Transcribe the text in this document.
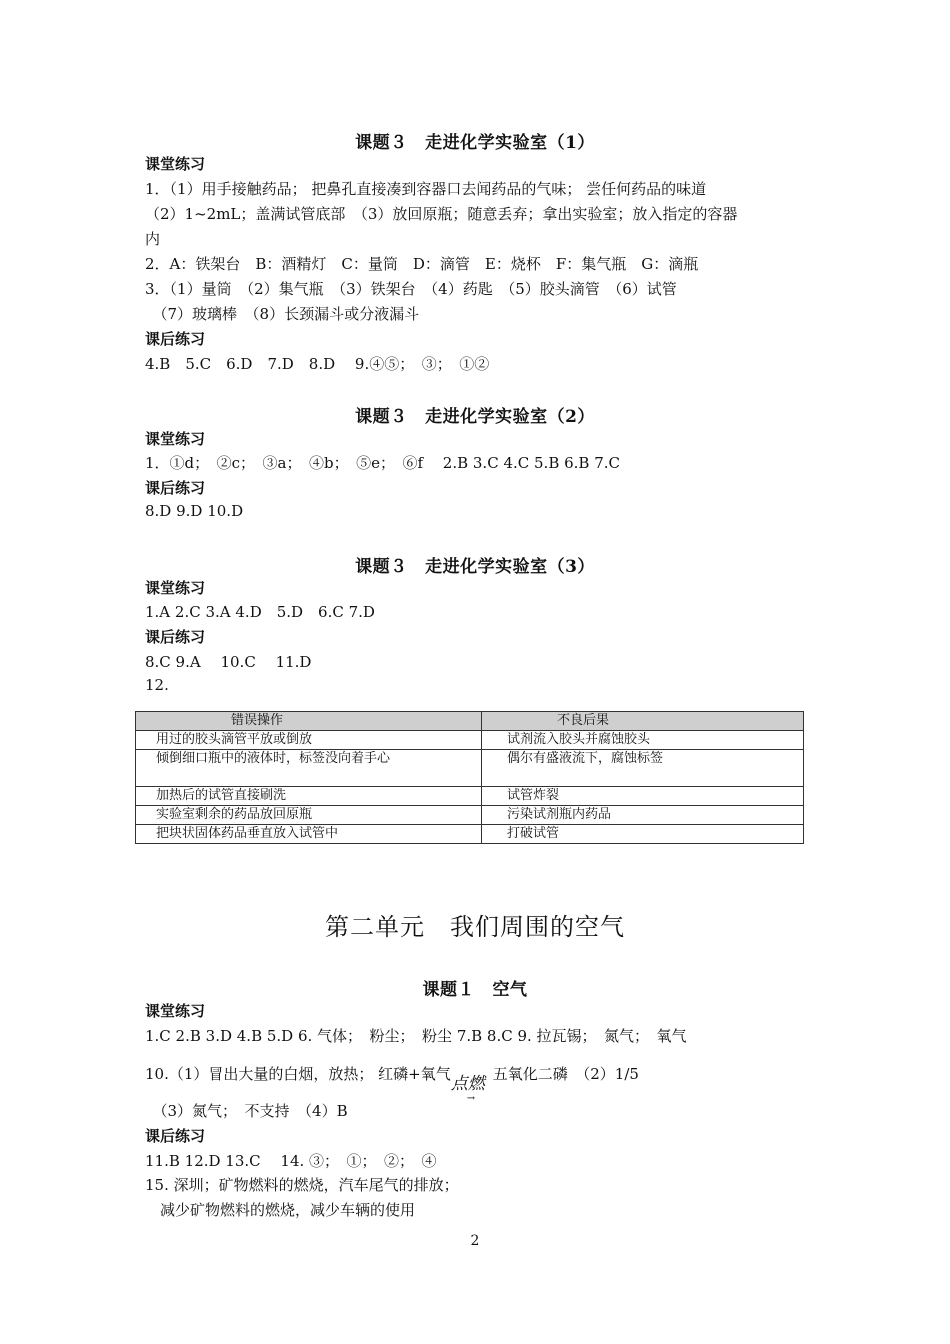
课题３　走进化学实验室（1）
课堂练习
1．（1）用手接触药品； 把鼻孔直接凑到容器口去闻药品的气味； 尝任何药品的味道
（2）1~2mL；盖满试管底部　（3）放回原瓶；随意丢弃；拿出实验室；放入指定的容器
内
2．A：铁架台　B：酒精灯　C：量筒　D：滴管　E：烧杯　F：集气瓶　G：滴瓶
3．（1）量筒　（2）集气瓶　（3）铁架台　（4）药匙　（5）胶头滴管　（6）试管
　（7）玻璃棒　（8）长颈漏斗或分液漏斗
课后练习
4.B　5.C　6.D　7.D　8.D　 9.④⑤；　③；　①②
课题３　走进化学实验室（2）
课堂练习
1．①d；　②c；　③a；　④b；　⑤e；　⑥f　 2.B 3.C 4.C 5.B 6.B 7.C
课后练习
8.D 9.D 10.D
课题３　走进化学实验室（3）
课堂练习
1.A 2.C 3.A 4.D　5.D　6.C 7.D
课后练习
8.C 9.A　 10.C　 11.D
12.
错误操作	不良后果
用过的胶头滴管平放或倒放	试剂流入胶头并腐蚀胶头
倾倒细口瓶中的液体时，标签没向着手心	偶尔有盛液流下，腐蚀标签
加热后的试管直接刷洗	试管炸裂
实验室剩余的药品放回原瓶	污染试剂瓶内药品
把块状固体药品垂直放入试管中	打破试管
第二单元　我们周围的空气
课题１　空气
课堂练习
1.C 2.B 3.D 4.B 5.D 6. 气体；　粉尘；　粉尘 7.B 8.C 9. 拉瓦锡；　氮气；　氧气
10.（1）冒出大量的白烟，放热； 红磷+氧气 点燃
→
五氧化二磷　（2）1/5
　（3）氮气；　不支持　（4）B
课后练习
11.B 12.D 13.C　 14. ③；　①；　②；　④
15. 深圳；矿物燃料的燃烧，汽车尾气的排放；
　减少矿物燃料的燃烧，减少车辆的使用
2
